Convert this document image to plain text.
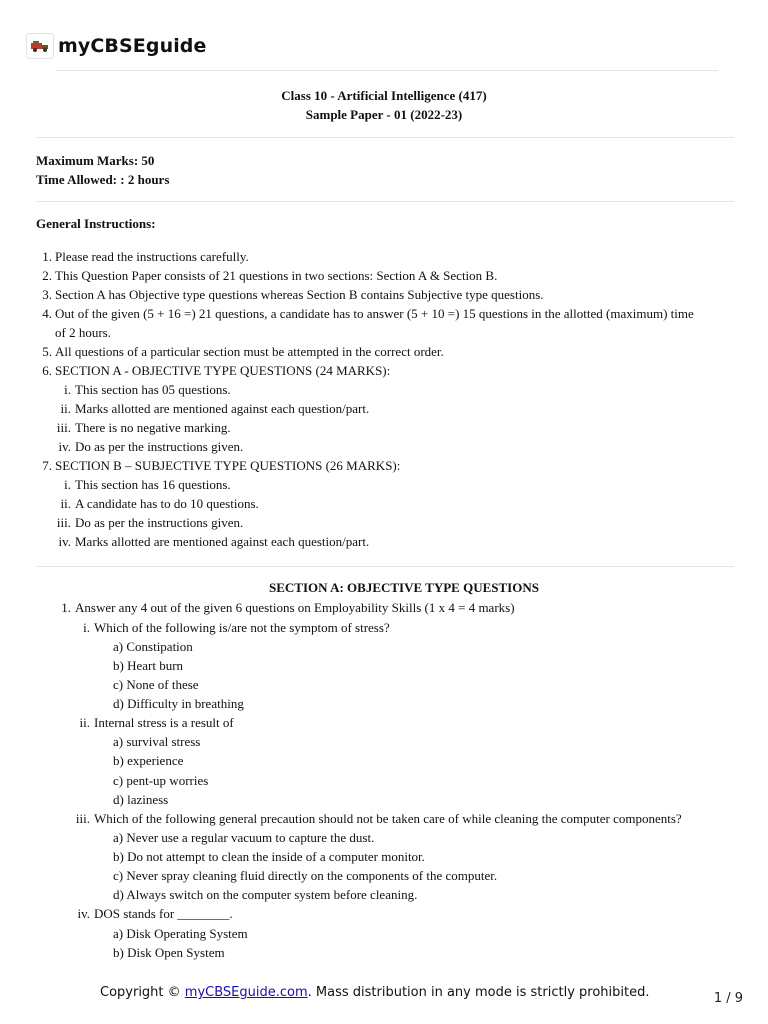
myCBSEguide
Class 10 - Artificial Intelligence (417)
Sample Paper - 01 (2022-23)
Maximum Marks: 50
Time Allowed: : 2 hours
General Instructions:
1. Please read the instructions carefully.
2. This Question Paper consists of 21 questions in two sections: Section A & Section B.
3. Section A has Objective type questions whereas Section B contains Subjective type questions.
4. Out of the given (5 + 16 =) 21 questions, a candidate has to answer (5 + 10 =) 15 questions in the allotted (maximum) time
of 2 hours.
5. All questions of a particular section must be attempted in the correct order.
6. SECTION A - OBJECTIVE TYPE QUESTIONS (24 MARKS):
i. This section has 05 questions.
ii. Marks allotted are mentioned against each question/part.
iii. There is no negative marking.
iv. Do as per the instructions given.
7. SECTION B – SUBJECTIVE TYPE QUESTIONS (26 MARKS):
i. This section has 16 questions.
ii. A candidate has to do 10 questions.
iii. Do as per the instructions given.
iv. Marks allotted are mentioned against each question/part.
SECTION A: OBJECTIVE TYPE QUESTIONS
1. Answer any 4 out of the given 6 questions on Employability Skills (1 x 4 = 4 marks)
i. Which of the following is/are not the symptom of stress?
a) Constipation
b) Heart burn
c) None of these
d) Difficulty in breathing
ii. Internal stress is a result of
a) survival stress
b) experience
c) pent-up worries
d) laziness
iii. Which of the following general precaution should not be taken care of while cleaning the computer components?
a) Never use a regular vacuum to capture the dust.
b) Do not attempt to clean the inside of a computer monitor.
c) Never spray cleaning fluid directly on the components of the computer.
d) Always switch on the computer system before cleaning.
iv. DOS stands for ________.
a) Disk Operating System
b) Disk Open System
Copyright © myCBSEguide.com. Mass distribution in any mode is strictly prohibited.	1 / 9
